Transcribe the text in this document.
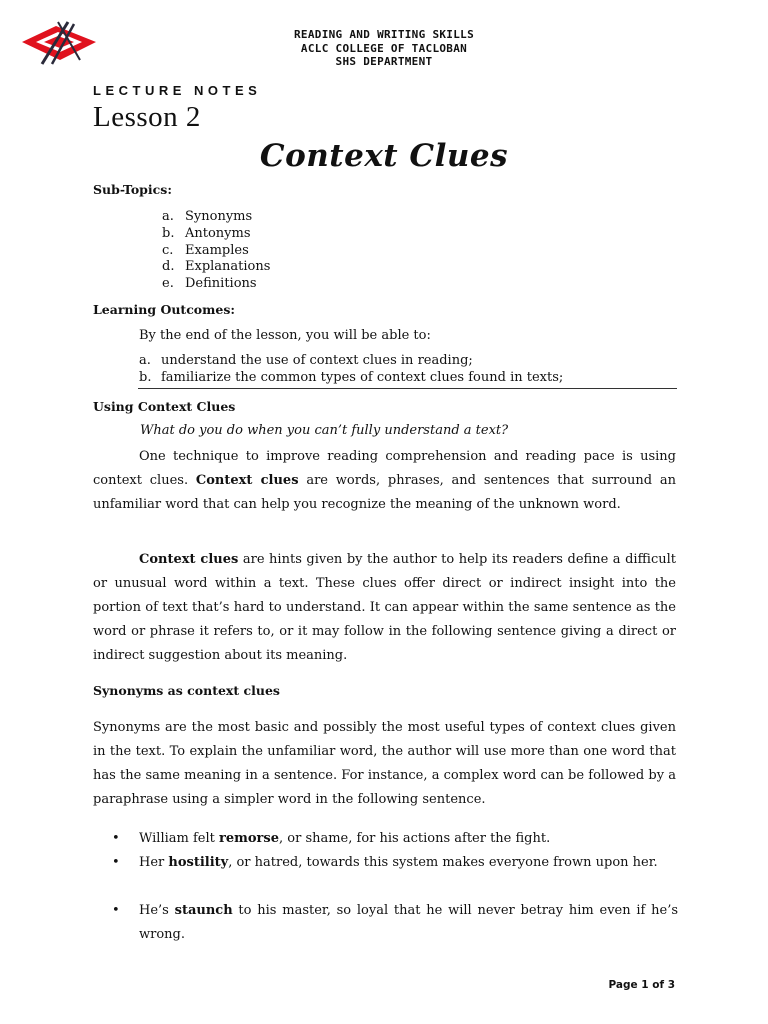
READING AND WRITING SKILLS
ACLC COLLEGE OF TACLOBAN
SHS DEPARTMENT
LECTURE NOTES
Lesson 2
Context Clues
Sub-Topics:
a. Synonyms
b. Antonyms
c. Examples
d. Explanations
e. Definitions
Learning Outcomes:
By the end of the lesson, you will be able to:
a. understand the use of context clues in reading;
b. familiarize the common types of context clues found in texts;
Using Context Clues
What do you do when you can’t fully understand a text?
One technique to improve reading comprehension and reading pace is using context clues. Context clues are words, phrases, and sentences that surround an unfamiliar word that can help you recognize the meaning of the unknown word.
Context clues are hints given by the author to help its readers define a difficult or unusual word within a text. These clues offer direct or indirect insight into the portion of text that’s hard to understand. It can appear within the same sentence as the word or phrase it refers to, or it may follow in the following sentence giving a direct or indirect suggestion about its meaning.
Synonyms as context clues
Synonyms are the most basic and possibly the most useful types of context clues given in the text. To explain the unfamiliar word, the author will use more than one word that has the same meaning in a sentence. For instance, a complex word can be followed by a paraphrase using a simpler word in the following sentence.
• William felt remorse, or shame, for his actions after the fight.
• Her hostility, or hatred, towards this system makes everyone frown upon her.
• He’s staunch to his master, so loyal that he will never betray him even if he’s wrong.
Page 1 of 3
